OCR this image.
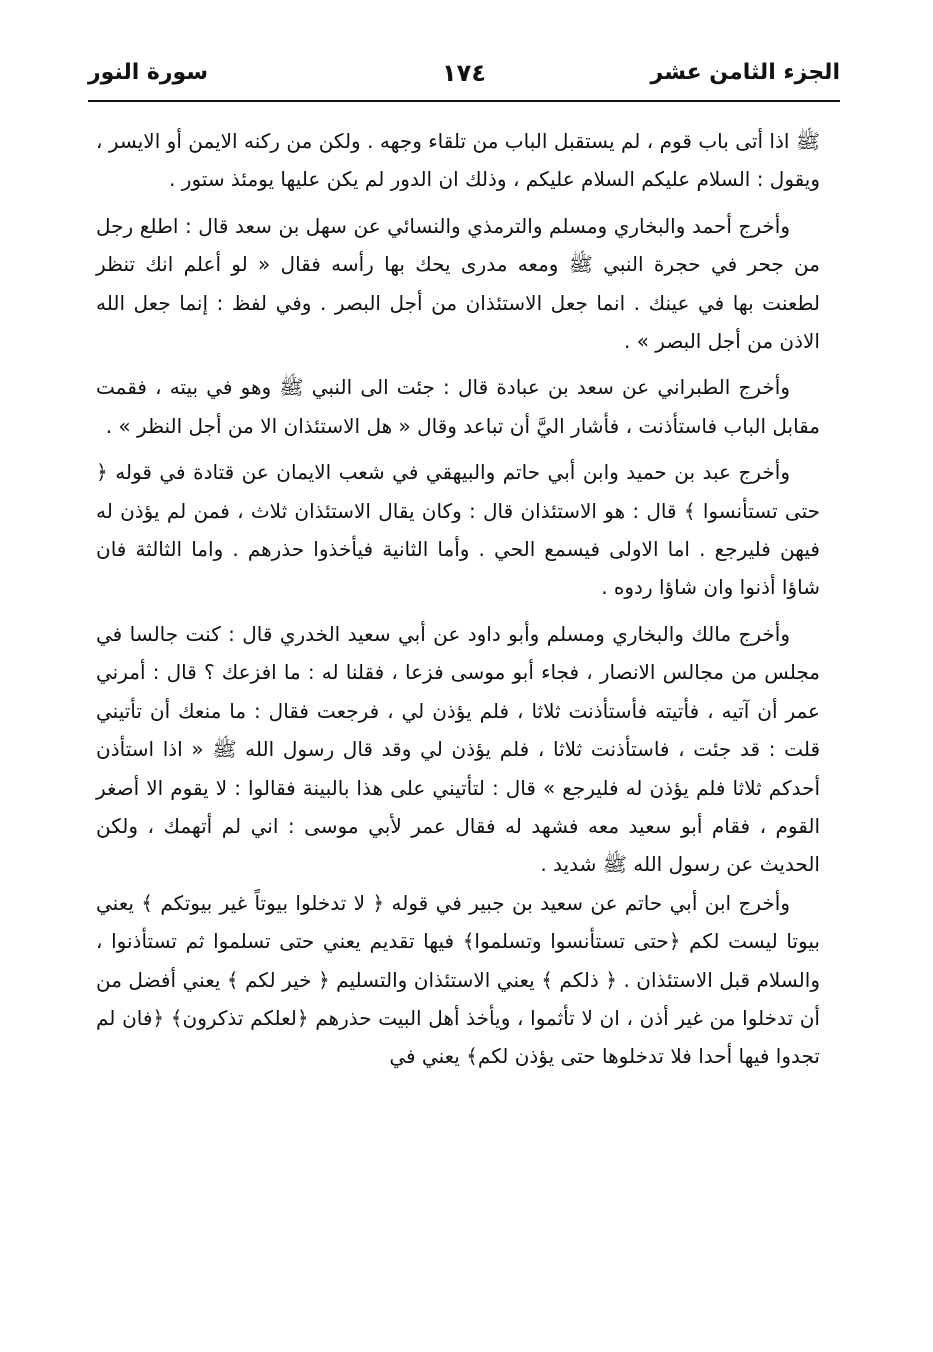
الجزء الثامن عشر
١٧٤
سورة النور

ﷺ اذا أتى باب قوم ، لم يستقبل الباب من تلقاء وجهه . ولكن من ركنه الايمن أو الايسر ، ويقول : السلام عليكم السلام عليكم ، وذلك ان الدور لم يكن عليها يومئذ ستور .

وأخرج أحمد والبخاري ومسلم والترمذي والنسائي عن سهل بن سعد قال : اطلع رجل من جحر في حجرة النبي ﷺ ومعه مدرى يحك بها رأسه فقال « لو أعلم انك تنظر لطعنت بها في عينك . انما جعل الاستئذان من أجل البصر . وفي لفظ : إنما جعل الله الاذن من أجل البصر » .

وأخرج الطبراني عن سعد بن عبادة قال : جئت الى النبي ﷺ وهو في بيته ، فقمت مقابل الباب فاستأذنت ، فأشار اليَّ أن تباعد وقال « هل الاستئذان الا من أجل النظر » .

وأخرج عبد بن حميد وابن أبي حاتم والبيهقي في شعب الايمان عن قتادة في قوله ﴿ حتى تستأنسوا ﴾ قال : هو الاستئذان قال : وكان يقال الاستئذان ثلاث ، فمن لم يؤذن له فيهن فليرجع . اما الاولى فيسمع الحي . وأما الثانية فيأخذوا حذرهم . واما الثالثة فان شاؤا أذنوا وان شاؤا ردوه .

وأخرج مالك والبخاري ومسلم وأبو داود عن أبي سعيد الخدري قال : كنت جالسا في مجلس من مجالس الانصار ، فجاء أبو موسى فزعا ، فقلنا له : ما افزعك ؟ قال : أمرني عمر أن آتيه ، فأتيته فأستأذنت ثلاثا ، فلم يؤذن لي ، فرجعت فقال : ما منعك أن تأتيني قلت : قد جئت ، فاستأذنت ثلاثا ، فلم يؤذن لي وقد قال رسول الله ﷺ « اذا استأذن أحدكم ثلاثا فلم يؤذن له فليرجع » قال : لتأتيني على هذا بالبينة فقالوا : لا يقوم الا أصغر القوم ، فقام أبو سعيد معه فشهد له فقال عمر لأبي موسى : اني لم أتهمك ، ولكن الحديث عن رسول الله ﷺ شديد .

وأخرج ابن أبي حاتم عن سعيد بن جبير في قوله ﴿ لا تدخلوا بيوتاً غير بيوتكم ﴾ يعني بيوتا ليست لكم ﴿حتى تستأنسوا وتسلموا﴾ فيها تقديم يعني حتى تسلموا ثم تستأذنوا ، والسلام قبل الاستئذان . ﴿ ذلكم ﴾ يعني الاستئذان والتسليم ﴿ خير لكم ﴾ يعني أفضل من أن تدخلوا من غير أذن ، ان لا تأثموا ، ويأخذ أهل البيت حذرهم ﴿لعلكم تذكرون﴾ ﴿فان لم تجدوا فيها أحدا فلا تدخلوها حتى يؤذن لكم﴾ يعني في
